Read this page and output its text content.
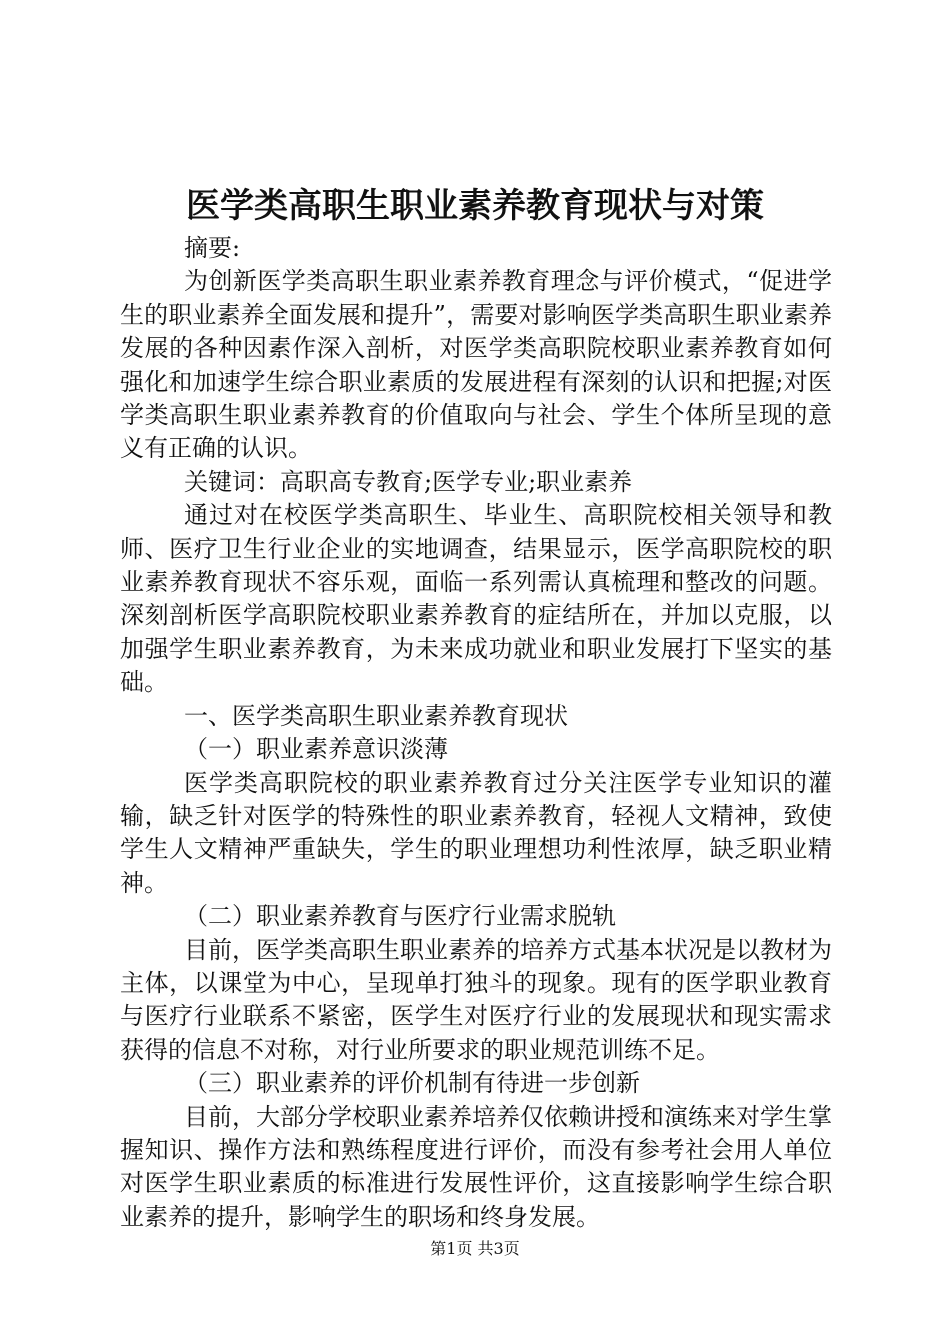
医学类高职生职业素养教育现状与对策

摘要:

为创新医学类高职生职业素养教育理念与评价模式，“促进学生的职业素养全面发展和提升”，需要对影响医学类高职生职业素养发展的各种因素作深入剖析，对医学类高职院校职业素养教育如何强化和加速学生综合职业素质的发展进程有深刻的认识和把握;对医学类高职生职业素养教育的价值取向与社会、学生个体所呈现的意义有正确的认识。

关键词：高职高专教育;医学专业;职业素养

通过对在校医学类高职生、毕业生、高职院校相关领导和教师、医疗卫生行业企业的实地调查，结果显示，医学高职院校的职业素养教育现状不容乐观，面临一系列需认真梳理和整改的问题。深刻剖析医学高职院校职业素养教育的症结所在，并加以克服，以加强学生职业素养教育，为未来成功就业和职业发展打下坚实的基础。

一、医学类高职生职业素养教育现状

（一）职业素养意识淡薄

医学类高职院校的职业素养教育过分关注医学专业知识的灌输，缺乏针对医学的特殊性的职业素养教育，轻视人文精神，致使学生人文精神严重缺失，学生的职业理想功利性浓厚，缺乏职业精神。

（二）职业素养教育与医疗行业需求脱轨

目前，医学类高职生职业素养的培养方式基本状况是以教材为主体，以课堂为中心，呈现单打独斗的现象。现有的医学职业教育与医疗行业联系不紧密，医学生对医疗行业的发展现状和现实需求获得的信息不对称，对行业所要求的职业规范训练不足。

（三）职业素养的评价机制有待进一步创新

目前，大部分学校职业素养培养仅依赖讲授和演练来对学生掌握知识、操作方法和熟练程度进行评价，而没有参考社会用人单位对医学生职业素质的标准进行发展性评价，这直接影响学生综合职业素养的提升，影响学生的职场和终身发展。

第1页 共3页
